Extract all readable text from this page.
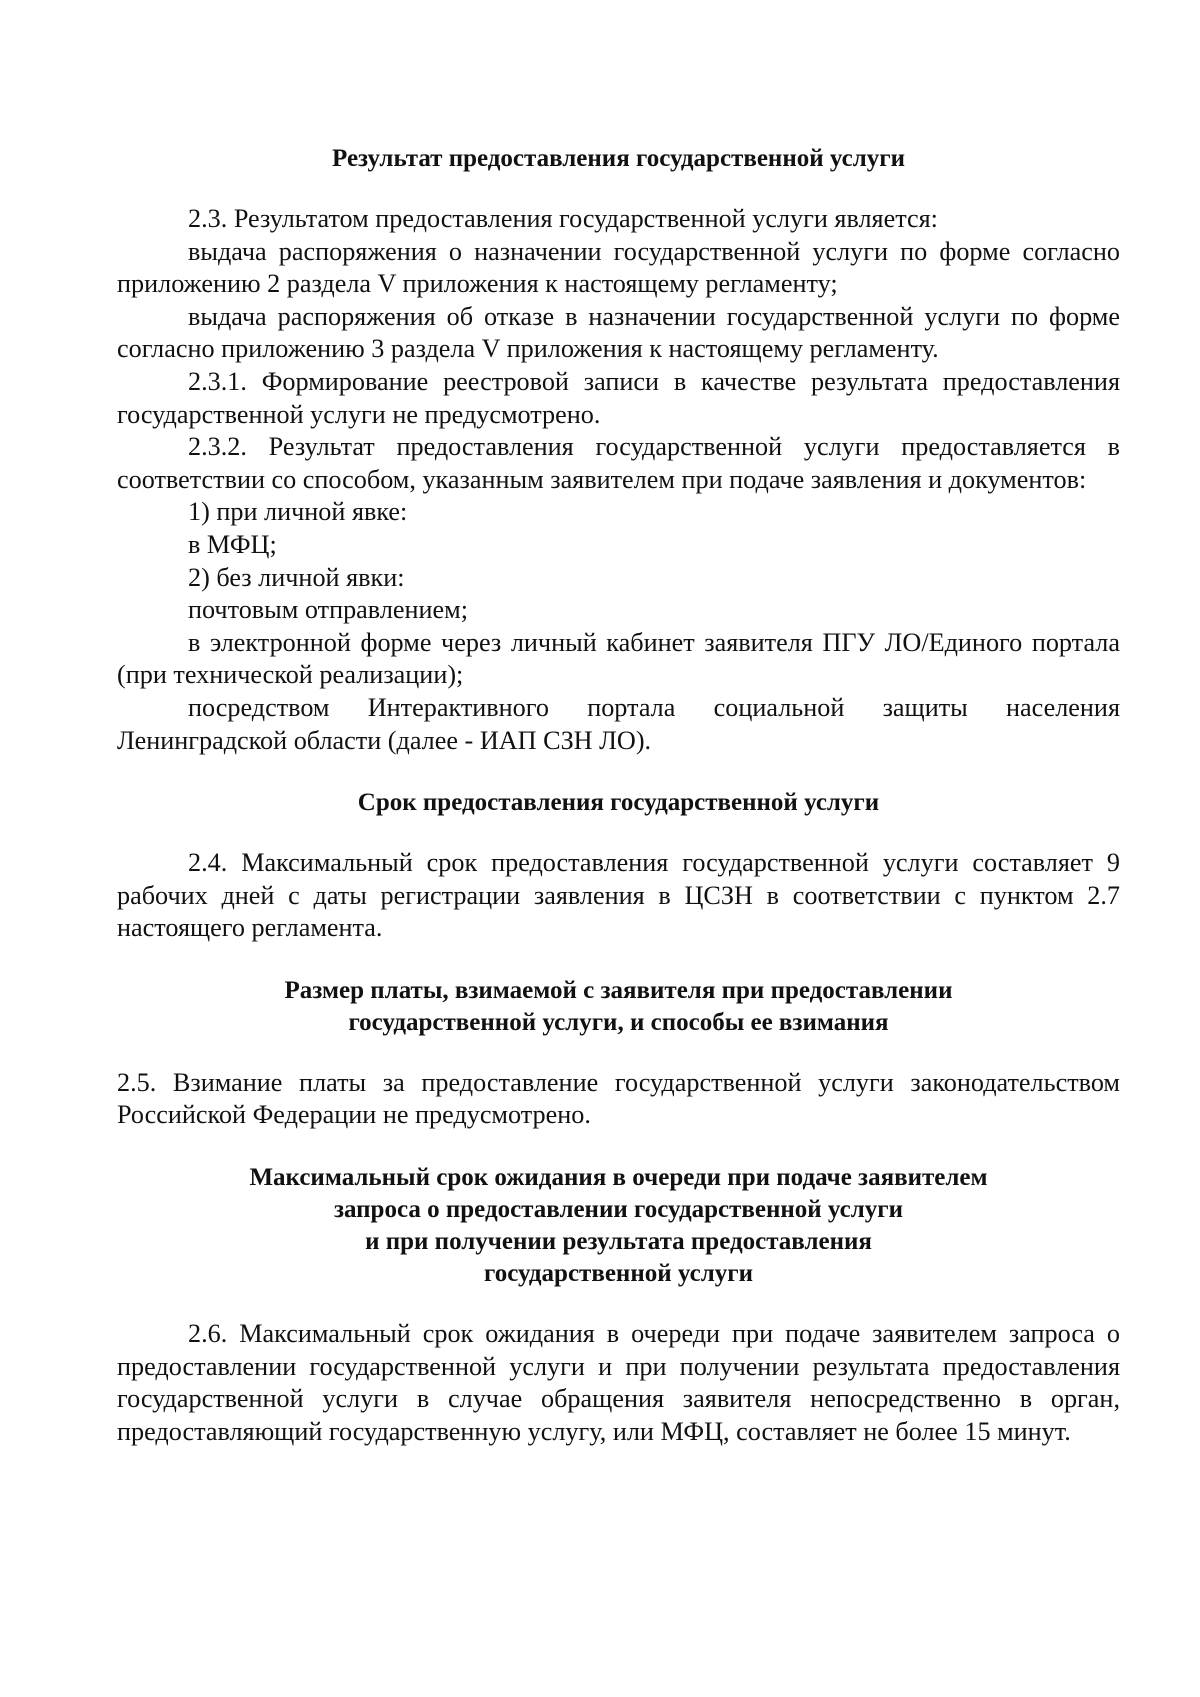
Результат предоставления государственной услуги

2.3. Результатом предоставления государственной услуги является:

выдача распоряжения о назначении государственной услуги по форме согласно приложению 2 раздела V приложения к настоящему регламенту;

выдача распоряжения об отказе в назначении государственной услуги по форме согласно приложению 3 раздела V приложения к настоящему регламенту.

2.3.1. Формирование реестровой записи в качестве результата предоставления государственной услуги не предусмотрено.

2.3.2. Результат предоставления государственной услуги предоставляется в соответствии со способом, указанным заявителем при подаче заявления и документов:

1) при личной явке:

в МФЦ;

2) без личной явки:

почтовым отправлением;

в электронной форме через личный кабинет заявителя ПГУ ЛО/Единого портала (при технической реализации);

посредством Интерактивного портала социальной защиты населения Ленинградской области (далее - ИАП СЗН ЛО).

Срок предоставления государственной услуги

2.4. Максимальный срок предоставления государственной услуги составляет 9 рабочих дней с даты регистрации заявления в ЦСЗН в соответствии с пунктом 2.7 настоящего регламента.

Размер платы, взимаемой с заявителя при предоставлении
государственной услуги, и способы ее взимания

2.5. Взимание платы за предоставление государственной услуги законодательством Российской Федерации не предусмотрено.

Максимальный срок ожидания в очереди при подаче заявителем
запроса о предоставлении государственной услуги
и при получении результата предоставления
государственной услуги

2.6. Максимальный срок ожидания в очереди при подаче заявителем запроса о предоставлении государственной услуги и при получении результата предоставления государственной услуги в случае обращения заявителя непосредственно в орган, предоставляющий государственную услугу, или МФЦ, составляет не более 15 минут.
